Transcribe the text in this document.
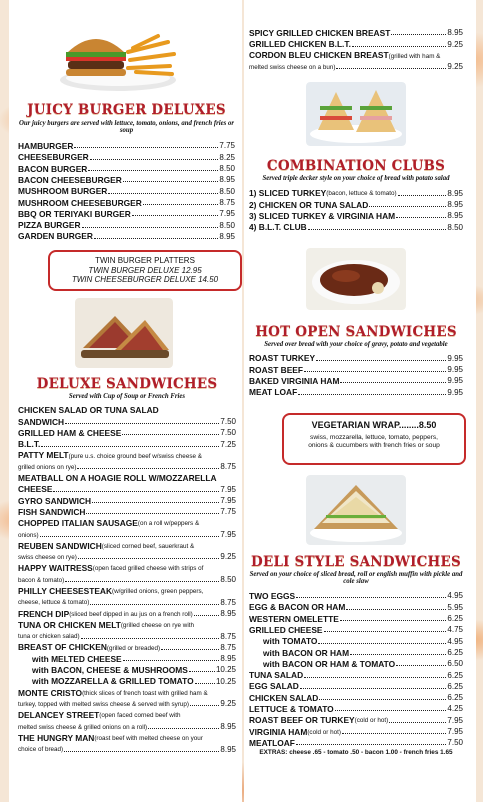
JUICY BURGER DELUXES
Our juicy burgers are served with lettuce, tomato, onions, and french fries or soup
HAMBURGER	7.75
CHEESEBURGER	8.25
BACON BURGER	8.50
BACON CHEESEBURGER	8.95
MUSHROOM BURGER	8.50
MUSHROOM CHEESEBURGER	8.75
BBQ OR TERIYAKI BURGER	7.95
PIZZA BURGER	8.50
GARDEN BURGER	8.95
TWIN BURGER PLATTERS
TWIN BURGER DELUXE 12.95
TWIN CHEESEBURGER DELUXE 14.50
DELUXE SANDWICHES
Served with Cup of Soup or French Fries
CHICKEN SALAD OR TUNA SALAD
SANDWICH	7.50
GRILLED HAM & CHEESE	7.50
B.L.T.	7.25
PATTY MELT (pure u.s. choice ground beef w/swiss cheese &
grilled onions on rye)	8.75
MEATBALL ON A HOAGIE ROLL W/MOZZARELLA
CHEESE	7.95
GYRO SANDWICH	7.95
FISH SANDWICH	7.75
CHOPPED ITALIAN SAUSAGE (on a roll w/peppers &
onions)	7.95
REUBEN SANDWICH (sliced corned beef, sauerkraut &
swiss cheese on rye)	9.25
HAPPY WAITRESS (open faced grilled cheese with strips of
bacon & tomato)	8.50
PHILLY CHEESESTEAK (w/grilled onions, green peppers,
cheese, lettuce & tomato)	8.75
FRENCH DIP (sliced beef dipped in au jus on a french roll)	8.95
TUNA OR CHICKEN MELT (grilled cheese on rye with
tuna or chicken salad)	8.75
BREAST OF CHICKEN (grilled or breaded)	8.75
with MELTED CHEESE	8.95
with BACON, CHEESE & MUSHROOMS	10.25
with MOZZARELLA & GRILLED TOMATO	10.25
MONTE CRISTO (thick slices of french toast with grilled ham &
turkey, topped with melted swiss cheese & served with syrup)	9.25
DELANCEY STREET (open faced corned beef with
melted swiss cheese & grilled onions on a roll)	8.95
THE HUNGRY MAN (roast beef with melted cheese on your
choice of bread)	8.95
SPICY GRILLED CHICKEN BREAST	8.95
GRILLED CHICKEN B.L.T.	9.25
CORDON BLEU CHICKEN BREAST (grilled with ham &
melted swiss cheese on a bun)	9.25
COMBINATION CLUBS
Served triple decker style on your choice of bread with potato salad
1) SLICED TURKEY (bacon, lettuce & tomato)	8.95
2) CHICKEN OR TUNA SALAD	8.95
3) SLICED TURKEY & VIRGINIA HAM	8.95
4) B.L.T. CLUB	8.50
HOT OPEN SANDWICHES
Served over bread with your choice of gravy, potato and vegetable
ROAST TURKEY	9.95
ROAST BEEF	9.95
BAKED VIRGINIA HAM	9.95
MEAT LOAF	9.95
VEGETARIAN WRAP........8.50
swiss, mozzarella, lettuce, tomato, peppers,
onions & cucumbers with french fries or soup
DELI STYLE SANDWICHES
Served on your choice of sliced bread, roll or english muffin with pickle and cole slaw
TWO EGGS	4.95
EGG & BACON OR HAM	5.95
WESTERN OMELETTE	6.25
GRILLED CHEESE	4.75
with TOMATO	4.95
with BACON OR HAM	6.25
with BACON OR HAM & TOMATO	6.50
TUNA SALAD	6.25
EGG SALAD	6.25
CHICKEN SALAD	6.25
LETTUCE & TOMATO	4.25
ROAST BEEF OR TURKEY (cold or hot)	7.95
VIRGINIA HAM (cold or hot)	7.95
MEATLOAF	7.50
EXTRAS: cheese .65 - tomato .50 - bacon 1.00 - french fries 1.65
